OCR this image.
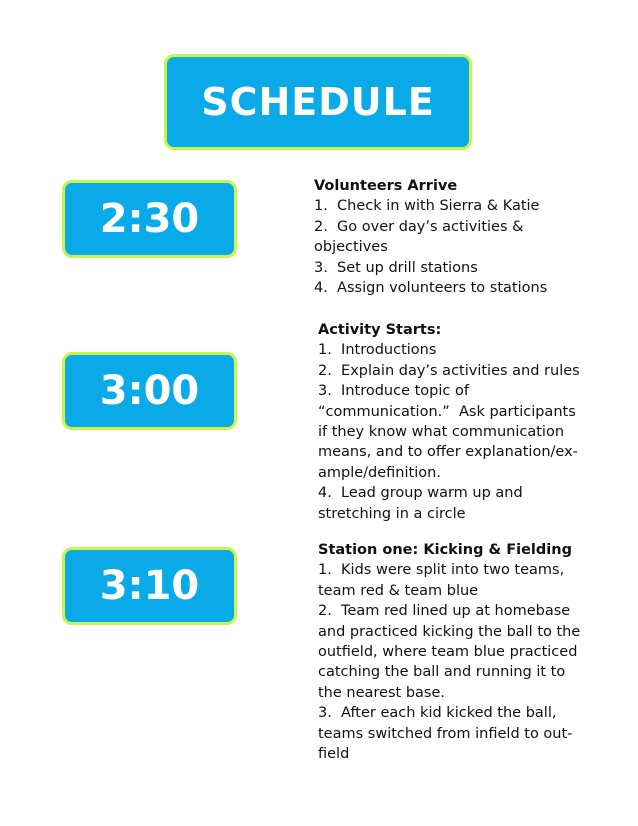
SCHEDULE
2:30
3:00
3:10
Volunteers Arrive
1.  Check in with Sierra & Katie
2.  Go over day’s activities & objectives
3.  Set up drill stations
4.  Assign volunteers to stations
Activity Starts:
1.  Introductions
2.  Explain day’s activities and rules
3.  Introduce topic of “communication.”  Ask participants if they know what communication means, and to offer explanation/ex-ample/definition.
4.  Lead group warm up and stretching in a circle
Station one: Kicking & Fielding
1.  Kids were split into two teams, team red & team blue
2.  Team red lined up at homebase and practiced kicking the ball to the outfield, where team blue practiced catching the ball and running it to the nearest base.
3.  After each kid kicked the ball, teams switched from infield to out-field
